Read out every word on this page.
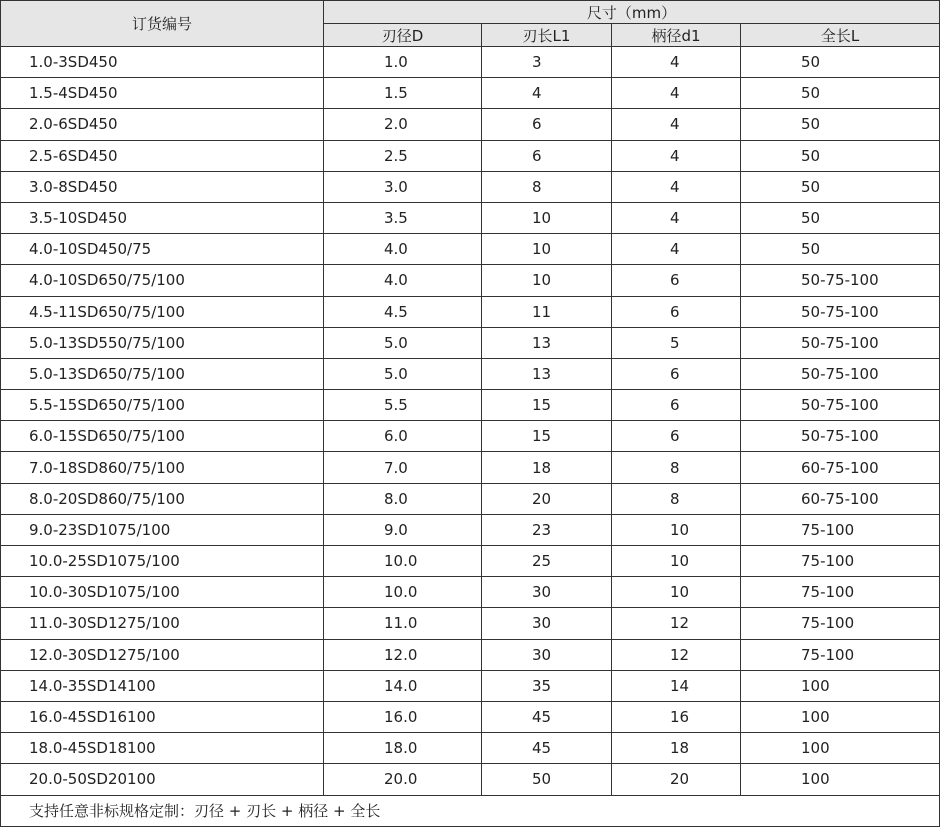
订货编号	尺寸（mm）			
	刃径D	刃长L1	柄径d1	全长L
1.0-3SD450	1.0	3	4	50
1.5-4SD450	1.5	4	4	50
2.0-6SD450	2.0	6	4	50
2.5-6SD450	2.5	6	4	50
3.0-8SD450	3.0	8	4	50
3.5-10SD450	3.5	10	4	50
4.0-10SD450/75	4.0	10	4	50
4.0-10SD650/75/100	4.0	10	6	50-75-100
4.5-11SD650/75/100	4.5	11	6	50-75-100
5.0-13SD550/75/100	5.0	13	5	50-75-100
5.0-13SD650/75/100	5.0	13	6	50-75-100
5.5-15SD650/75/100	5.5	15	6	50-75-100
6.0-15SD650/75/100	6.0	15	6	50-75-100
7.0-18SD860/75/100	7.0	18	8	60-75-100
8.0-20SD860/75/100	8.0	20	8	60-75-100
9.0-23SD1075/100	9.0	23	10	75-100
10.0-25SD1075/100	10.0	25	10	75-100
10.0-30SD1075/100	10.0	30	10	75-100
11.0-30SD1275/100	11.0	30	12	75-100
12.0-30SD1275/100	12.0	30	12	75-100
14.0-35SD14100	14.0	35	14	100
16.0-45SD16100	16.0	45	16	100
18.0-45SD18100	18.0	45	18	100
20.0-50SD20100	20.0	50	20	100
支持任意非标规格定制：刃径 + 刃长 + 柄径 + 全长				
